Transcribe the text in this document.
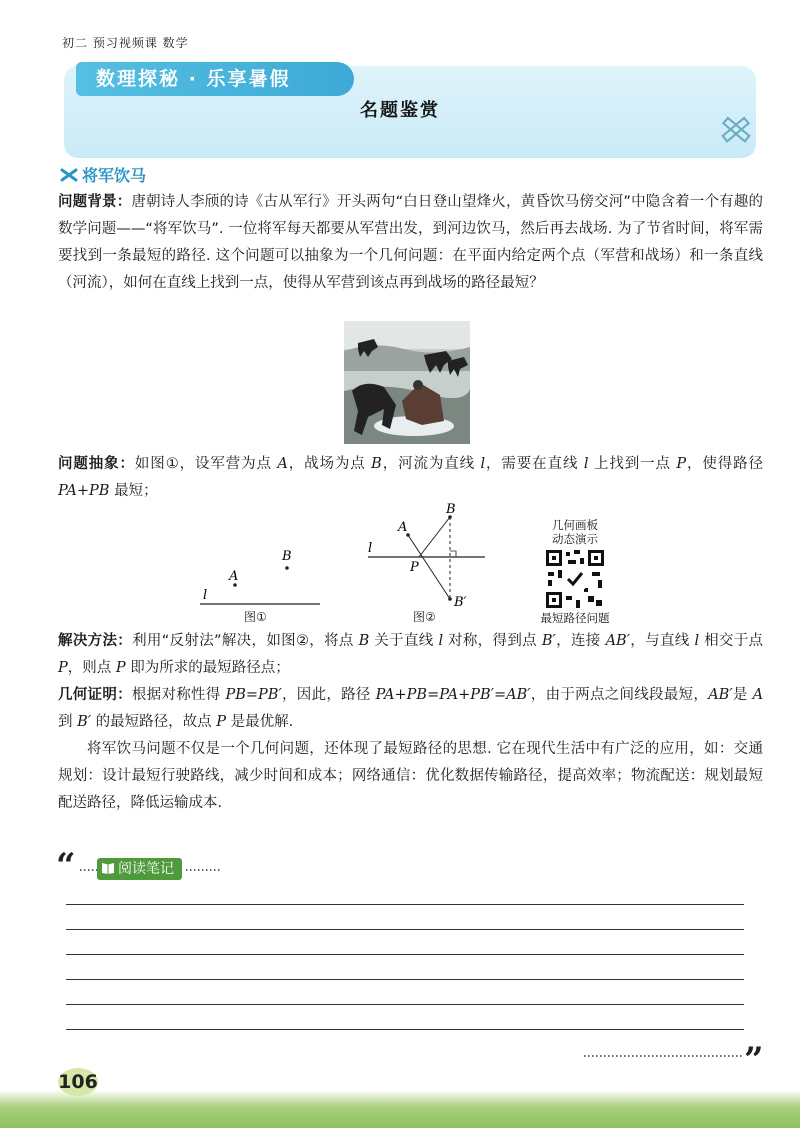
初二 预习视频课 数学
数理探秘 · 乐享暑假
名题鉴赏
将军饮马
问题背景：唐朝诗人李颀的诗《古从军行》开头两句“白日登山望烽火，黄昏饮马傍交河”中隐含着一个有趣的数学问题——“将军饮马”. 一位将军每天都要从军营出发，到河边饮马，然后再去战场. 为了节省时间，将军需要找到一条最短的路径. 这个问题可以抽象为一个几何问题：在平面内给定两个点（军营和战场）和一条直线（河流），如何在直线上找到一点，使得从军营到该点再到战场的路径最短？
问题抽象：如图①，设军营为点 A，战场为点 B，河流为直线 l，需要在直线 l 上找到一点 P，使得路径 PA+PB 最短；
A
B
l
图①
A
B
l
P
B′
图②
几何画板
动态演示
最短路径问题
解决方法：利用“反射法”解决，如图②，将点 B 关于直线 l 对称，得到点 B′，连接 AB′，与直线 l 相交于点 P，则点 P 即为所求的最短路径点；
几何证明：根据对称性得 PB=PB′，因此，路径 PA+PB=PA+PB′=AB′，由于两点之间线段最短，AB′是 A 到 B′ 的最短路径，故点 P 是最优解.
将军饮马问题不仅是一个几何问题，还体现了最短路径的思想. 它在现代生活中有广泛的应用，如：交通规划：设计最短行驶路线，减少时间和成本；网络通信：优化数据传输路径，提高效率；物流配送：规划最短配送路径，降低运输成本.
“	阅读笔记
”
106
